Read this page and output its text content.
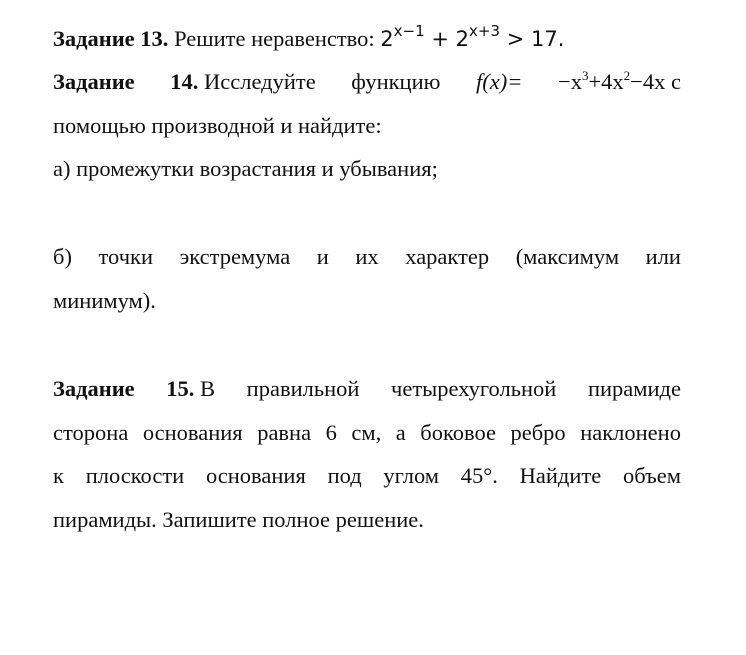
Задание 13. Решите неравенство: $2^{x-1} + 2^{x+3} > 17$.
Задание 14. Исследуйте функцию $f(x)= -x^3+4x^2-4x$ с
помощью производной и найдите:
а) промежутки возрастания и убывания;
б) точки экстремума и их характер (максимум или
минимум).
Задание 15. В правильной четырехугольной пирамиде
сторона основания равна 6 см, а боковое ребро наклонено
к плоскости основания под углом 45°. Найдите объем
пирамиды. Запишите полное решение.
